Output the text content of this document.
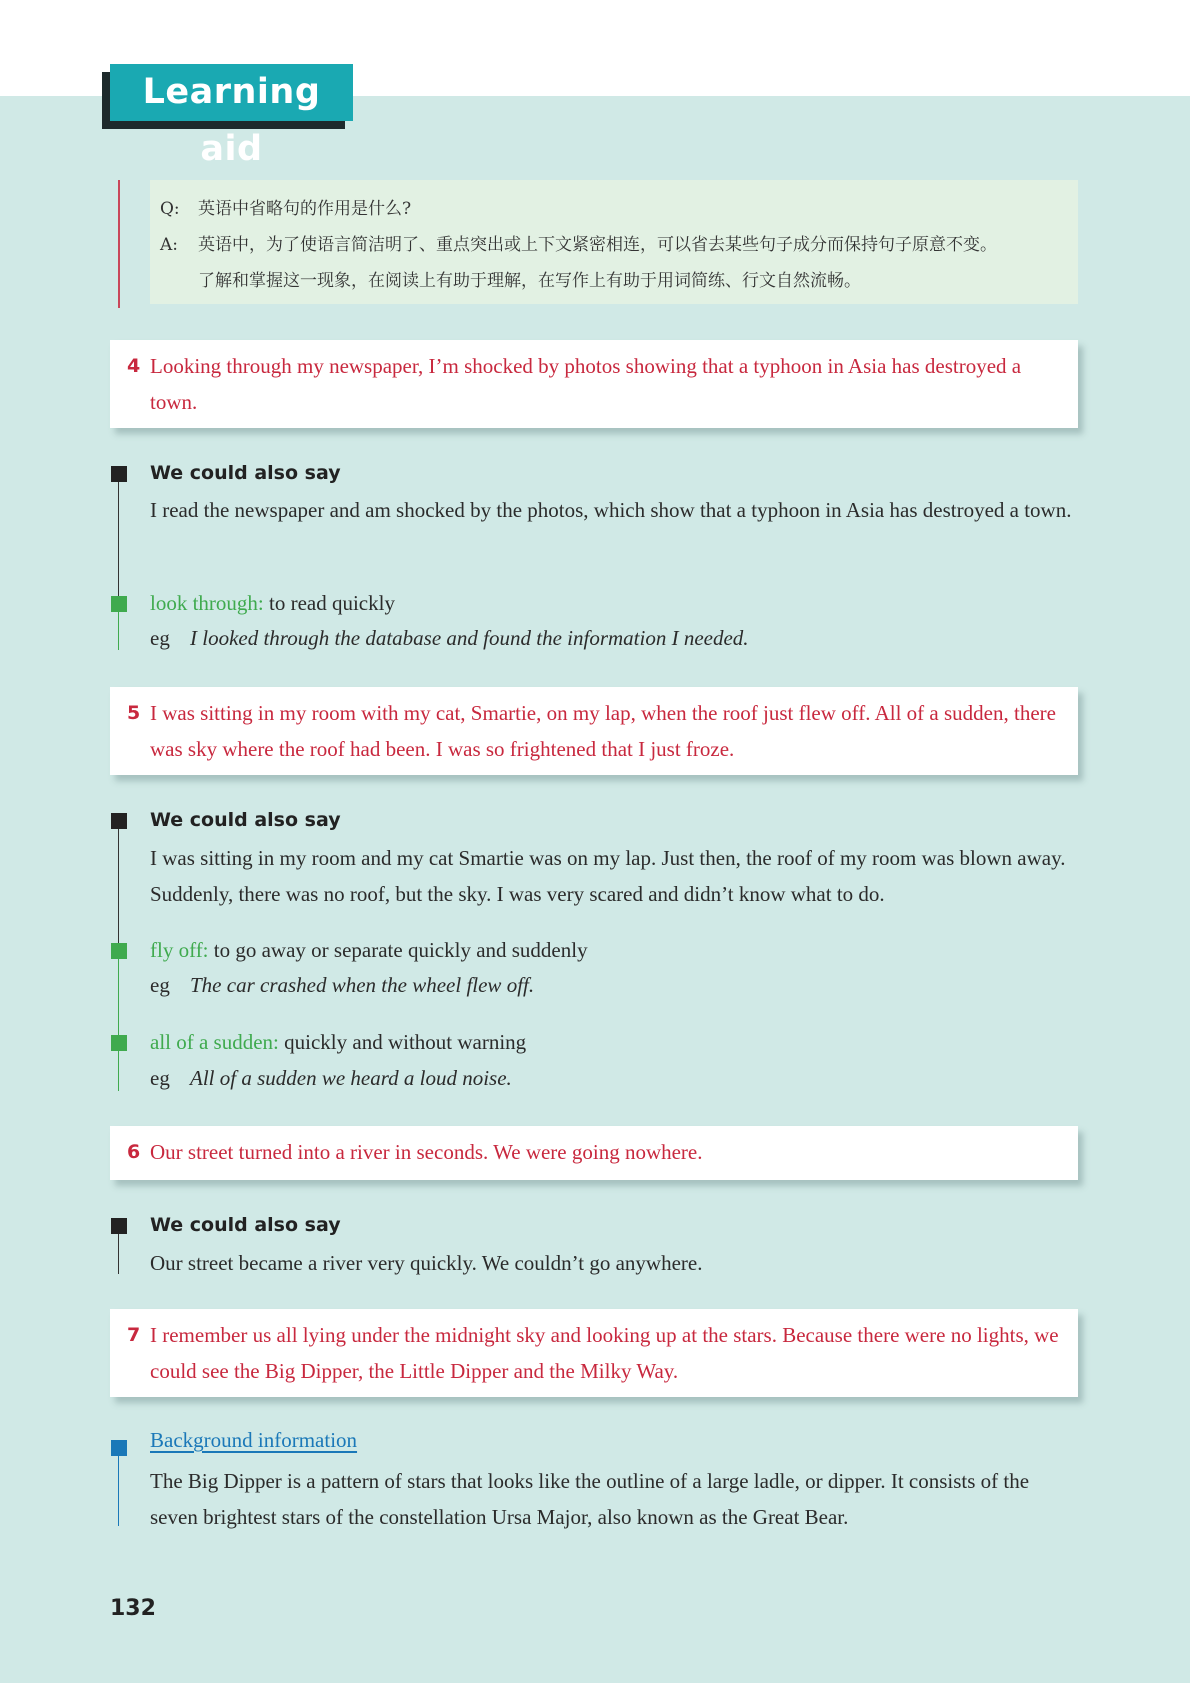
Learning aid
Q: 英语中省略句的作用是什么?
A: 英语中，为了使语言简洁明了、重点突出或上下文紧密相连，可以省去某些句子成分而保持句子原意不变。
了解和掌握这一现象，在阅读上有助于理解，在写作上有助于用词简练、行文自然流畅。
4 Looking through my newspaper, I’m shocked by photos showing that a typhoon in Asia has destroyed a town.
We could also say
I read the newspaper and am shocked by the photos, which show that a typhoon in Asia has destroyed a town.
look through: to read quickly
eg I looked through the database and found the information I needed.
5 I was sitting in my room with my cat, Smartie, on my lap, when the roof just flew off. All of a sudden, there was sky where the roof had been. I was so frightened that I just froze.
We could also say
I was sitting in my room and my cat Smartie was on my lap. Just then, the roof of my room was blown away. Suddenly, there was no roof, but the sky. I was very scared and didn’t know what to do.
fly off: to go away or separate quickly and suddenly
eg The car crashed when the wheel flew off.
all of a sudden: quickly and without warning
eg All of a sudden we heard a loud noise.
6 Our street turned into a river in seconds. We were going nowhere.
We could also say
Our street became a river very quickly. We couldn’t go anywhere.
7 I remember us all lying under the midnight sky and looking up at the stars. Because there were no lights, we could see the Big Dipper, the Little Dipper and the Milky Way.
Background information
The Big Dipper is a pattern of stars that looks like the outline of a large ladle, or dipper. It consists of the seven brightest stars of the constellation Ursa Major, also known as the Great Bear.
132
